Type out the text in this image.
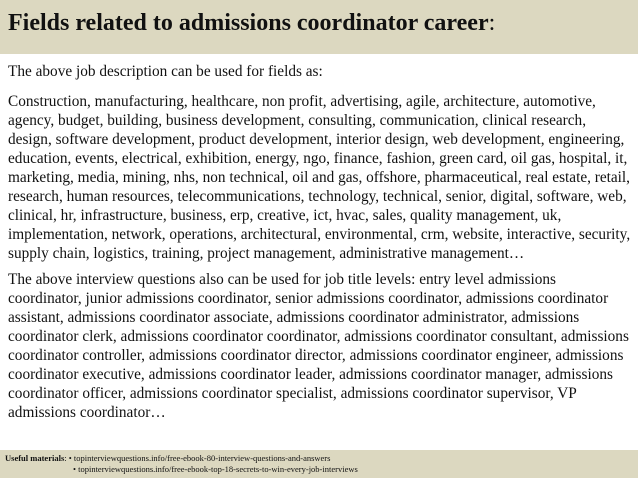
Fields related to admissions coordinator career:

The above job description can be used for fields as:

Construction, manufacturing, healthcare, non profit, advertising, agile, architecture, automotive, agency, budget, building, business development, consulting, communication, clinical research, design, software development, product development, interior design, web development, engineering, education, events, electrical, exhibition, energy, ngo, finance, fashion, green card, oil gas, hospital, it, marketing, media, mining, nhs, non technical, oil and gas, offshore, pharmaceutical, real estate, retail, research, human resources, telecommunications, technology, technical, senior, digital, software, web, clinical, hr, infrastructure, business, erp, creative, ict, hvac, sales, quality management, uk, implementation, network, operations, architectural, environmental, crm, website, interactive, security, supply chain, logistics, training, project management, administrative management…

The above interview questions also can be used for job title levels: entry level admissions coordinator, junior admissions coordinator, senior admissions coordinator, admissions coordinator assistant, admissions coordinator associate, admissions coordinator administrator, admissions coordinator clerk, admissions coordinator coordinator, admissions coordinator consultant, admissions coordinator controller, admissions coordinator director, admissions coordinator engineer, admissions coordinator executive, admissions coordinator leader, admissions coordinator manager, admissions coordinator officer, admissions coordinator specialist, admissions coordinator supervisor, VP admissions coordinator…

Useful materials: • topinterviewquestions.info/free-ebook-80-interview-questions-and-answers
• topinterviewquestions.info/free-ebook-top-18-secrets-to-win-every-job-interviews
